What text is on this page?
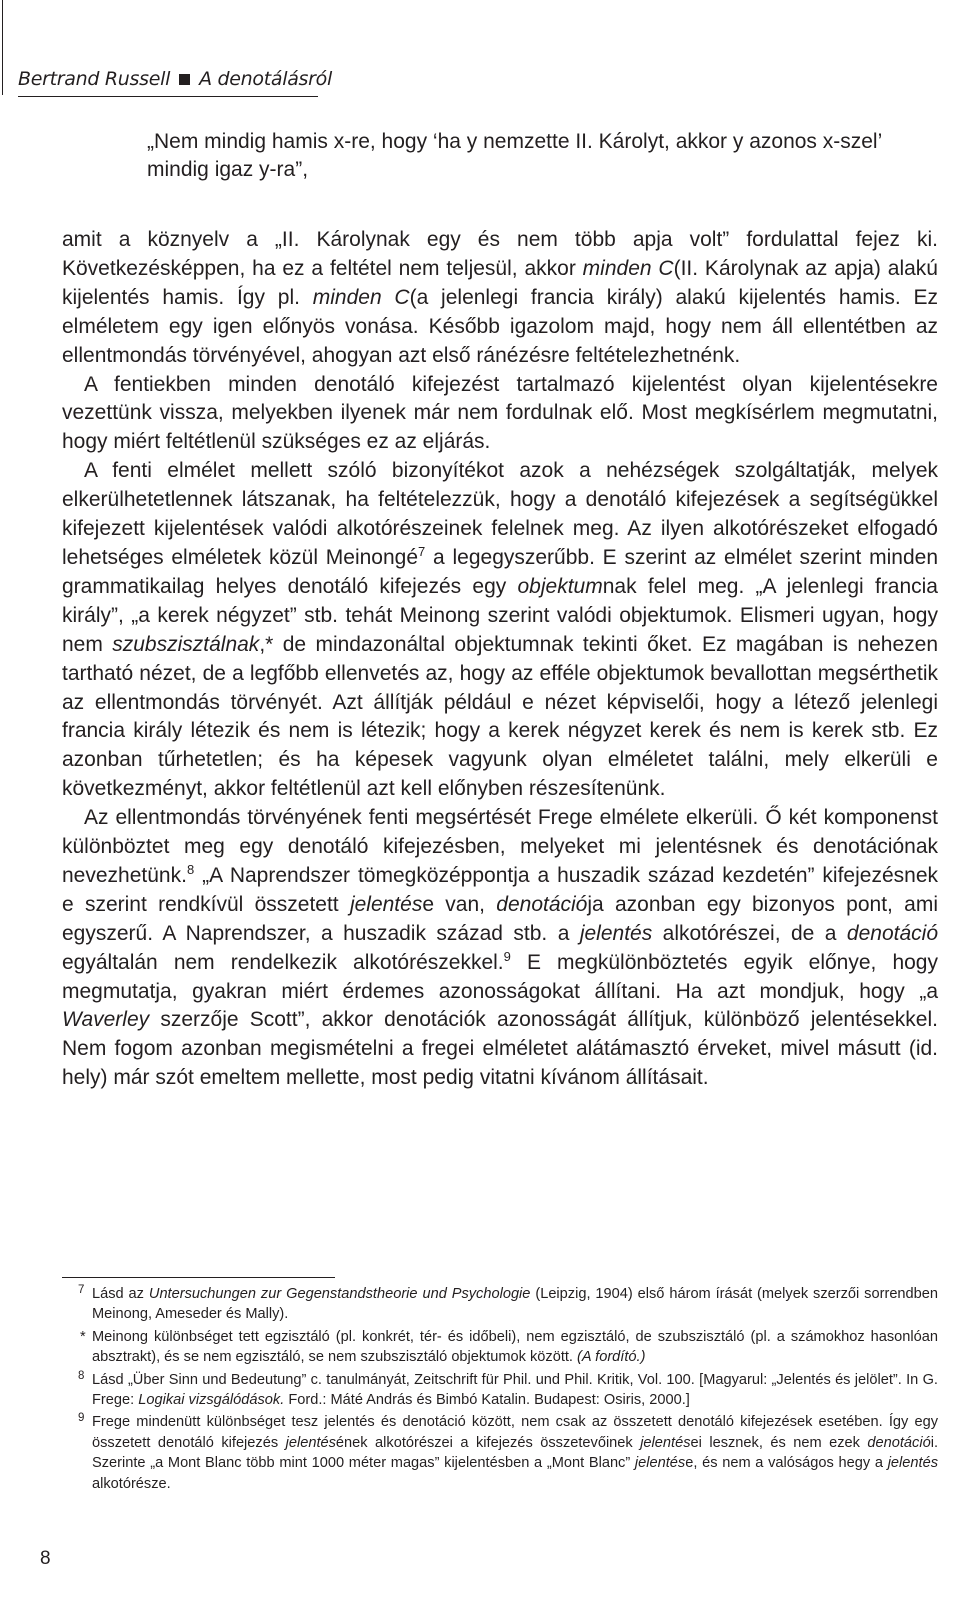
Bertrand Russell A denotálásról
„Nem mindig hamis x-re, hogy ‘ha y nemzette II. Károlyt, akkor y azonos x-szel’ mindig igaz y-ra”,

amit a köznyelv a „II. Károlynak egy és nem több apja volt” fordulattal fejez ki. Következésképpen, ha ez a feltétel nem teljesül, akkor minden C(II. Károlynak az apja) alakú kijelentés hamis. Így pl. minden C(a jelenlegi francia király) alakú kijelentés hamis. Ez elméletem egy igen előnyös vonása. Később igazolom majd, hogy nem áll ellentétben az ellentmondás törvényével, ahogyan azt első ránézésre feltételezhetnénk.

A fentiekben minden denotáló kifejezést tartalmazó kijelentést olyan kijelentésekre vezettünk vissza, melyekben ilyenek már nem fordulnak elő. Most megkísérlem megmutatni, hogy miért feltétlenül szükséges ez az eljárás.

A fenti elmélet mellett szóló bizonyítékot azok a nehézségek szolgáltatják, melyek elkerülhetetlennek látszanak, ha feltételezzük, hogy a denotáló kifejezések a segítségükkel kifejezett kijelentések valódi alkotórészeinek felelnek meg. Az ilyen alkotórészeket elfogadó lehetséges elméletek közül Meinongé$^7$ a legegyszerűbb. E szerint az elmélet szerint minden grammatikailag helyes denotáló kifejezés egy objektumnak felel meg. „A jelenlegi francia király”, „a kerek négyzet” stb. tehát Meinong szerint valódi objektumok. Elismeri ugyan, hogy nem szubszisztálnak,* de mindazonáltal objektumnak tekinti őket. Ez magában is nehezen tartható nézet, de a legfőbb ellenvetés az, hogy az efféle objektumok bevallottan megsérthetik az ellentmondás törvényét. Azt állítják például e nézet képviselői, hogy a létező jelenlegi francia király létezik és nem is létezik; hogy a kerek négyzet kerek és nem is kerek stb. Ez azonban tűrhetetlen; és ha képesek vagyunk olyan elméletet találni, mely elkerüli e következményt, akkor feltétlenül azt kell előnyben részesítenünk.

Az ellentmondás törvényének fenti megsértését Frege elmélete elkerüli. Ő két komponenst különböztet meg egy denotáló kifejezésben, melyeket mi jelentésnek és denotációnak nevezhetünk.$^8$ „A Naprendszer tömegközéppontja a huszadik század kezdetén” kifejezésnek e szerint rendkívül összetett jelentése van, denotációja azonban egy bizonyos pont, ami egyszerű. A Naprendszer, a huszadik század stb. a jelentés alkotórészei, de a denotáció egyáltalán nem rendelkezik alkotórészekkel.$^9$ E megkülönböztetés egyik előnye, hogy megmutatja, gyakran miért érdemes azonosságokat állítani. Ha azt mondjuk, hogy „a Waverley szerzője Scott”, akkor denotációk azonosságát állítjuk, különböző jelentésekkel. Nem fogom azonban megismételni a fregei elméletet alátámasztó érveket, mivel másutt (id. hely) már szót emeltem mellette, most pedig vitatni kívánom állításait.

7 Lásd az Untersuchungen zur Gegenstandstheorie und Psychologie (Leipzig, 1904) első három írását (melyek szerzői sorrendben Meinong, Ameseder és Mally).
* Meinong különbséget tett egzisztáló (pl. konkrét, tér- és időbeli), nem egzisztáló, de szubszisztáló (pl. a számokhoz hasonlóan absztrakt), és se nem egzisztáló, se nem szubszisztáló objektumok között. (A fordító.)
8 Lásd „Über Sinn und Bedeutung” c. tanulmányát, Zeitschrift für Phil. und Phil. Kritik, Vol. 100. [Magyarul: „Jelentés és jelölet”. In G. Frege: Logikai vizsgálódások. Ford.: Máté András és Bimbó Katalin. Budapest: Osiris, 2000.]
9 Frege mindenütt különbséget tesz jelentés és denotáció között, nem csak az összetett denotáló kifejezések esetében. Így egy összetett denotáló kifejezés jelentésének alkotórészei a kifejezés összetevőinek jelentései lesznek, és nem ezek denotációi. Szerinte „a Mont Blanc több mint 1000 méter magas” kijelentésben a „Mont Blanc” jelentése, és nem a valóságos hegy a jelentés alkotórésze.
8
